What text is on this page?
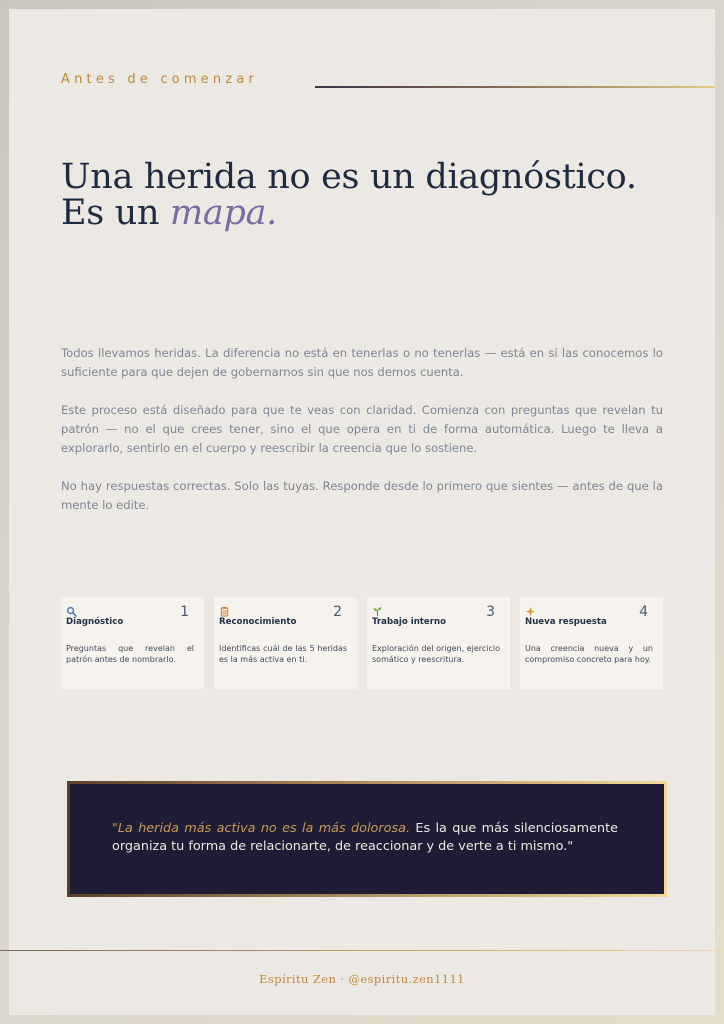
Antes de comenzar
Una herida no es un diagnóstico.
Es un mapa.

Todos llevamos heridas. La diferencia no está en tenerlas o no tenerlas — está en si las conocemos lo suficiente para que dejen de gobernarnos sin que nos demos cuenta.

Este proceso está diseñado para que te veas con claridad. Comienza con preguntas que revelan tu patrón — no el que crees tener, sino el que opera en ti de forma automática. Luego te lleva a explorarlo, sentirlo en el cuerpo y reescribir la creencia que lo sostiene.

No hay respuestas correctas. Solo las tuyas. Responde desde lo primero que sientes — antes de que la mente lo edite.

1
Diagnóstico
Preguntas que revelan el patrón antes de nombrarlo.
2
Reconocimiento
Identificas cuál de las 5 heridas es la más activa en ti.
3
Trabajo interno
Exploración del origen, ejercicio somático y reescritura.
4
Nueva respuesta
Una creencia nueva y un compromiso concreto para hoy.
"La herida más activa no es la más dolorosa. Es la que más silenciosamente organiza tu forma de relacionarte, de reaccionar y de verte a ti mismo."
Espíritu Zen · @espiritu.zen1111
